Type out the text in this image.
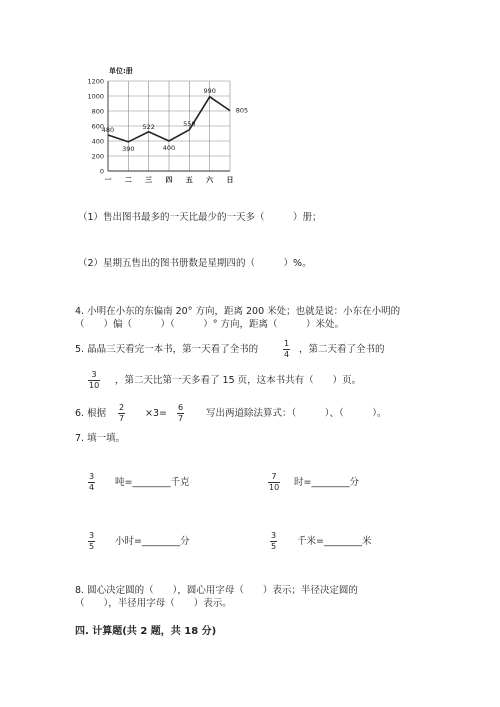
单位:册
0
200
400
600
800
1000
1200
一 二 三 四 五 六 日
480
390
522
400
550
990
805
（1）售出图书最多的一天比最少的一天多（　　　）册；
（2）星期五售出的图书册数是星期四的（　　　）%。
4. 小明在小东的东偏南 20° 方向，距离 200 米处；也就是说：小东在小明的
（　　）偏（　　　）（　　　）° 方向，距离（　　　）米处。
5. 晶晶三天看完一本书，第一天看了全书的
1
4 ，第二天看了全书的
3
10 ，第二天比第一天多看了 15 页，这本书共有（　　）页。
6. 根据
2
7 ×3=
6
7 写出两道除法算式：（　　　）、（　　　）。
7. 填一填。
3
4 吨=________千克
7
10 时=________分
3
5 小时=________分
3
5 千米=________米
8. 圆心决定圆的（　　），圆心用字母（　　）表示；半径决定圆的
（　　），半径用字母（　　）表示。
四. 计算题(共 2 题，共 18 分)
